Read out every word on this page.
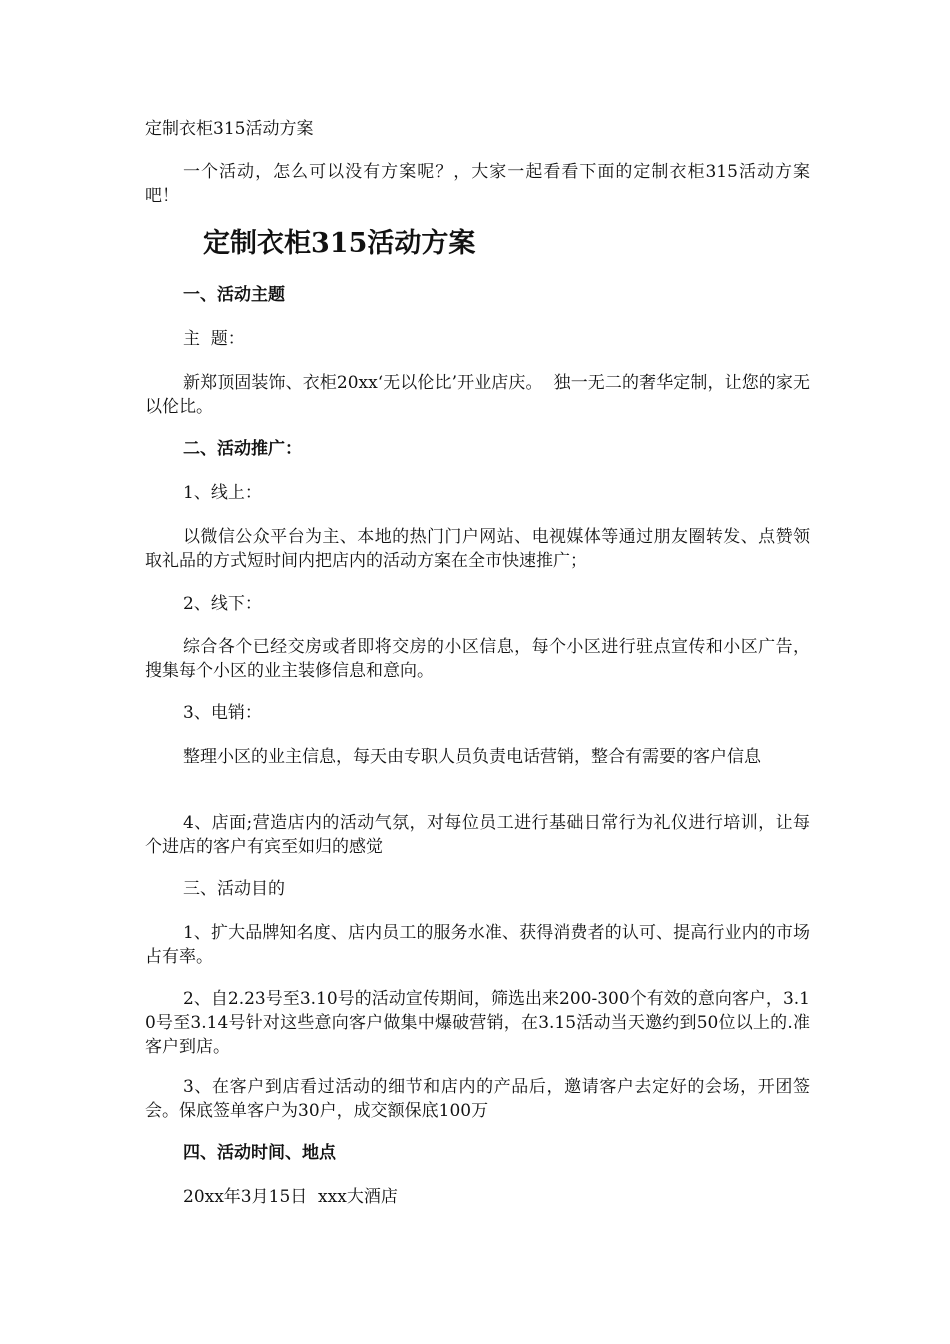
定制衣柜315活动方案
一个活动，怎么可以没有方案呢？，大家一起看看下面的定制衣柜315活动方案吧！
定制衣柜315活动方案
一、活动主题
主  题：
新郑顶固装饰、衣柜20xx‘无以伦比’开业店庆。  独一无二的奢华定制，让您的家无以伦比。
二、活动推广：
1、线上：
以微信公众平台为主、本地的热门门户网站、电视媒体等通过朋友圈转发、点赞领取礼品的方式短时间内把店内的活动方案在全市快速推广；
2、线下：
综合各个已经交房或者即将交房的小区信息，每个小区进行驻点宣传和小区广告，搜集每个小区的业主装修信息和意向。
3、电销：
整理小区的业主信息，每天由专职人员负责电话营销，整合有需要的客户信息
4、店面;营造店内的活动气氛，对每位员工进行基础日常行为礼仪进行培训，让每个进店的客户有宾至如归的感觉
三、活动目的
1、扩大品牌知名度、店内员工的服务水准、获得消费者的认可、提高行业内的市场占有率。
2、自2.23号至3.10号的活动宣传期间，筛选出来200-300个有效的意向客户，3.10号至3.14号针对这些意向客户做集中爆破营销，在3.15活动当天邀约到50位以上的.准客户到店。
3、在客户到店看过活动的细节和店内的产品后，邀请客户去定好的会场，开团签会。保底签单客户为30户，成交额保底100万
四、活动时间、地点
20xx年3月15日  xxx大酒店
